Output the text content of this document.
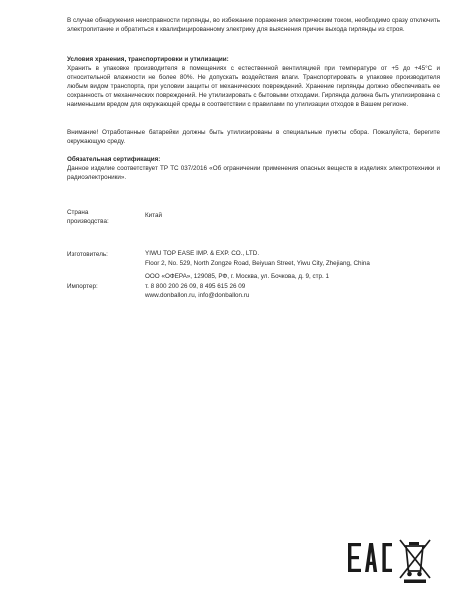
В случае обнаружения неисправности гирлянды, во избежание поражения электрическим током, необходимо сразу отключить электропитание и обратиться к квалифицированному электрику для выяснения причин выхода гирлянды из строя.
Условия хранения, транспортировки и утилизации:
Хранить в упаковке производителя в помещениях с естественной вентиляцией при температуре от +5 до +45°С и относительной влажности не более 80%. Не допускать воздействия влаги. Транспортировать в упаковке производителя любым видом транспорта, при условии защиты от механических повреждений. Хранение гирлянды должно обеспечивать ее сохранность от механических повреждений. Не утилизировать с бытовыми отходами. Гирлянда должна быть утилизирована с наименьшим вредом для окружающей среды в соответствии с правилами по утилизации отходов в Вашем регионе.
Внимание! Отработанные батарейки должны быть утилизированы в специальные пункты сбора. Пожалуйста, берегите окружающую среду.
Обязательная сертификация:
Данное изделие соответствует ТР ТС 037/2016 «Об ограничении применения опасных веществ в изделиях электротехники и радиоэлектроники».
Страна
производства:
Китай
Изготовитель:	YIWU TOP EASE IMP. & EXP. CO., LTD.
Floor 2, No. 529, North Zongze Road, Beiyuan Street, Yiwu City, Zhejiang, China
Импортер:
ООО «ОФЕРА», 129085, РФ, г. Москва, ул. Бочкова, д. 9, стр. 1
т. 8 800 200 26 09, 8 495 615 26 09
www.donballon.ru, info@donballon.ru
